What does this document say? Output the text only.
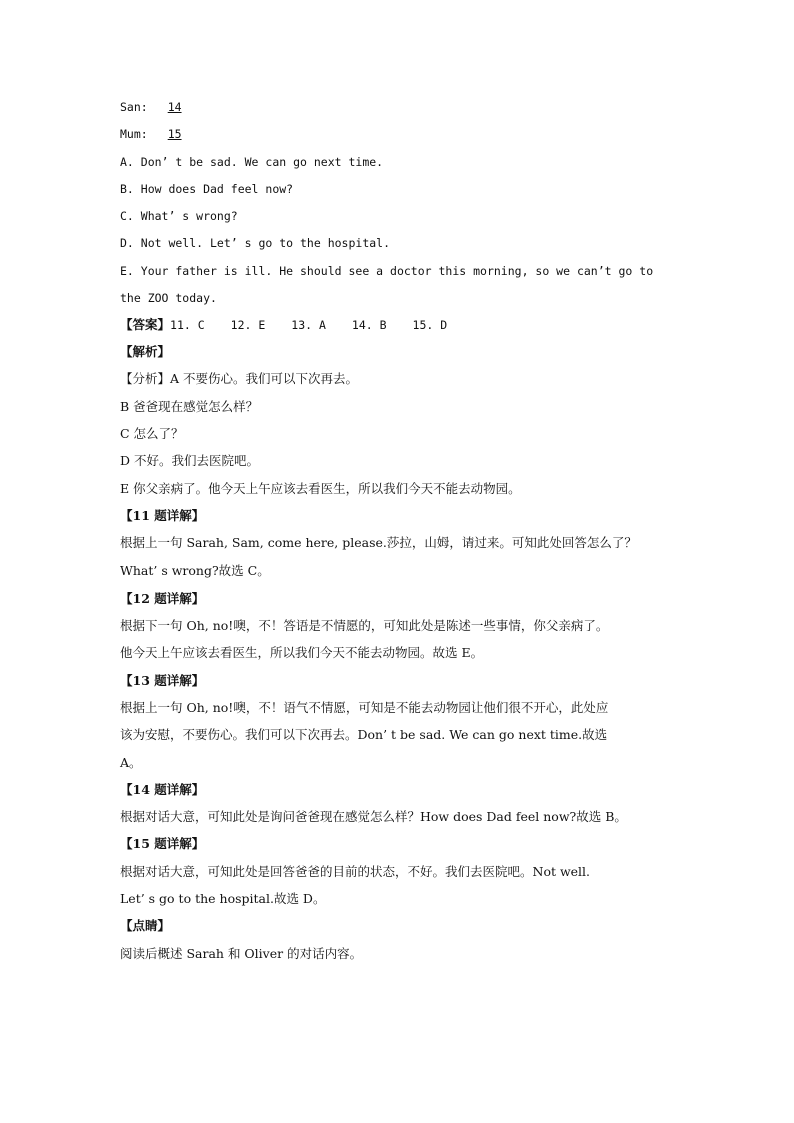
San: 14
Mum: 15
A. Don’ t be sad. We can go next time.
B. How does Dad feel now?
C. What’ s wrong?
D. Not well. Let’ s go to the hospital.
E. Your father is ill. He should see a doctor this morning, so we can’t go to
the ZOO today.
【答案】11. C 12. E 13. A 14. B 15. D
【解析】
【分析】A 不要伤心。我们可以下次再去。
B 爸爸现在感觉怎么样？
C 怎么了？
D 不好。我们去医院吧。
E 你父亲病了。他今天上午应该去看医生，所以我们今天不能去动物园。
【11 题详解】
根据上一句 Sarah, Sam, come here, please.莎拉，山姆，请过来。可知此处回答怎么了？
What’ s wrong?故选 C。
【12 题详解】
根据下一句 Oh, no!噢，不！答语是不情愿的，可知此处是陈述一些事情，你父亲病了。
他今天上午应该去看医生，所以我们今天不能去动物园。故选 E。
【13 题详解】
根据上一句 Oh, no!噢，不！语气不情愿，可知是不能去动物园让他们很不开心，此处应
该为安慰，不要伤心。我们可以下次再去。Don’ t be sad. We can go next time.故选
A。
【14 题详解】
根据对话大意，可知此处是询问爸爸现在感觉怎么样？How does Dad feel now?故选 B。
【15 题详解】
根据对话大意，可知此处是回答爸爸的目前的状态，不好。我们去医院吧。Not well.
Let’ s go to the hospital.故选 D。
【点睛】
阅读后概述 Sarah 和 Oliver 的对话内容。
